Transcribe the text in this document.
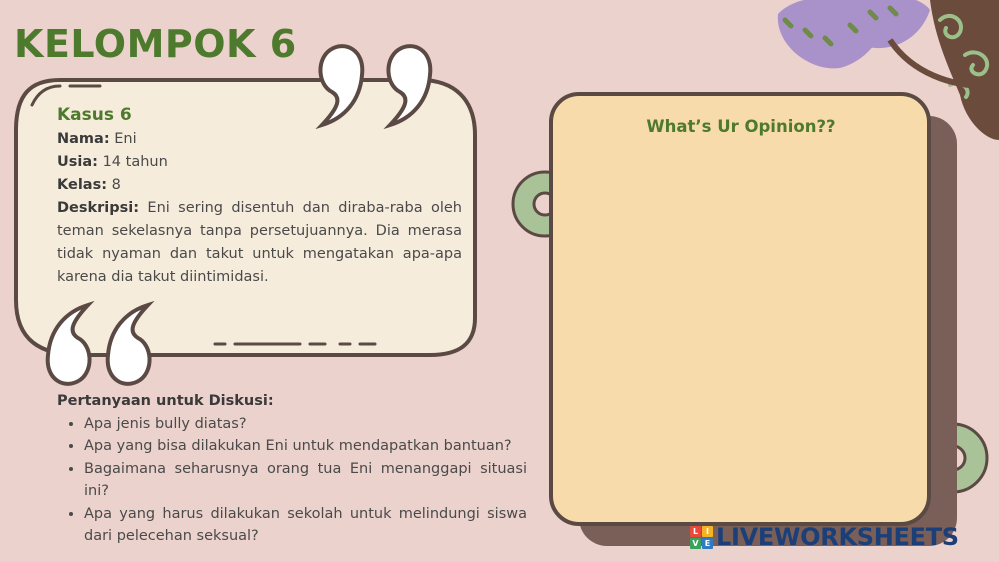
KELOMPOK 6
Kasus 6
Nama: Eni
Usia: 14 tahun
Kelas: 8
Deskripsi: Eni sering disentuh dan diraba-raba oleh teman sekelasnya tanpa persetujuannya. Dia merasa tidak nyaman dan takut untuk mengatakan apa-apa karena dia takut diintimidasi.
Pertanyaan untuk Diskusi:
• Apa jenis bully diatas?
• Apa yang bisa dilakukan Eni untuk mendapatkan bantuan?
• Bagaimana seharusnya orang tua Eni menanggapi situasi ini?
• Apa yang harus dilakukan sekolah untuk melindungi siswa dari pelecehan seksual?
What’s Ur Opinion??
L I
V E LIVEWORKSHEETS
